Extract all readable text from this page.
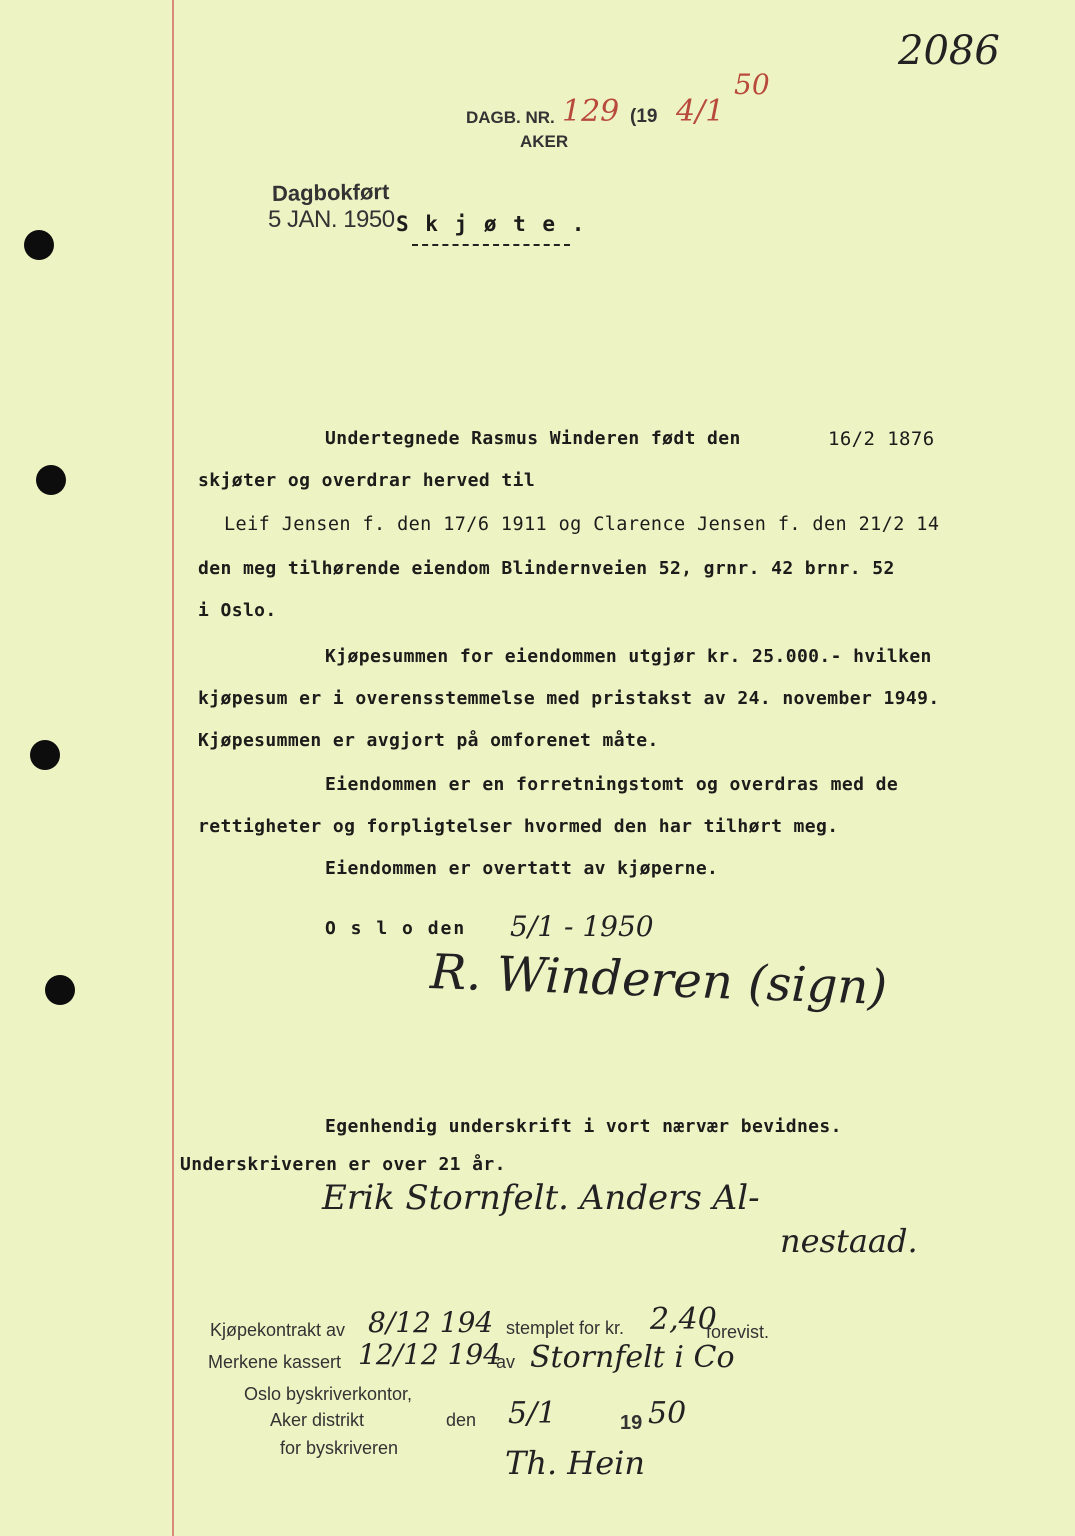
2086
DAGB. NR. 129 (19 4/1
50
AKER
Dagbokført
5 JAN. 1950 S k j ø t e .
Undertegnede Rasmus Winderen født den	16/2 1876
skjøter og overdrar herved til
Leif Jensen f. den 17/6 1911 og Clarence Jensen f. den 21/2 14
den meg tilhørende eiendom Blindernveien 52, grnr. 42 brnr. 52
i Oslo.
Kjøpesummen for eiendommen utgjør kr. 25.000.- hvilken
kjøpesum er i overensstemmelse med pristakst av 24. november 1949.
Kjøpesummen er avgjort på omforenet måte.
Eiendommen er en forretningstomt og overdras med de
rettigheter og forpligtelser hvormed den har tilhørt meg.
Eiendommen er overtatt av kjøperne.
O s l o den 5/1 - 1950
R. Winderen (sign)
Egenhendig underskrift i vort nærvær bevidnes.
Underskriveren er over 21 år.
Erik Stornfelt. Anders Al-
nestaad.
Kjøpekontrakt av 8/12 194 stemplet for kr. 2,40
forevist.
Merkene kassert 12/12 194
av Stornfelt i Co
Oslo byskriverkontor,
Aker distrikt	den 5/1	19 50
for byskriveren	Th. Hein
